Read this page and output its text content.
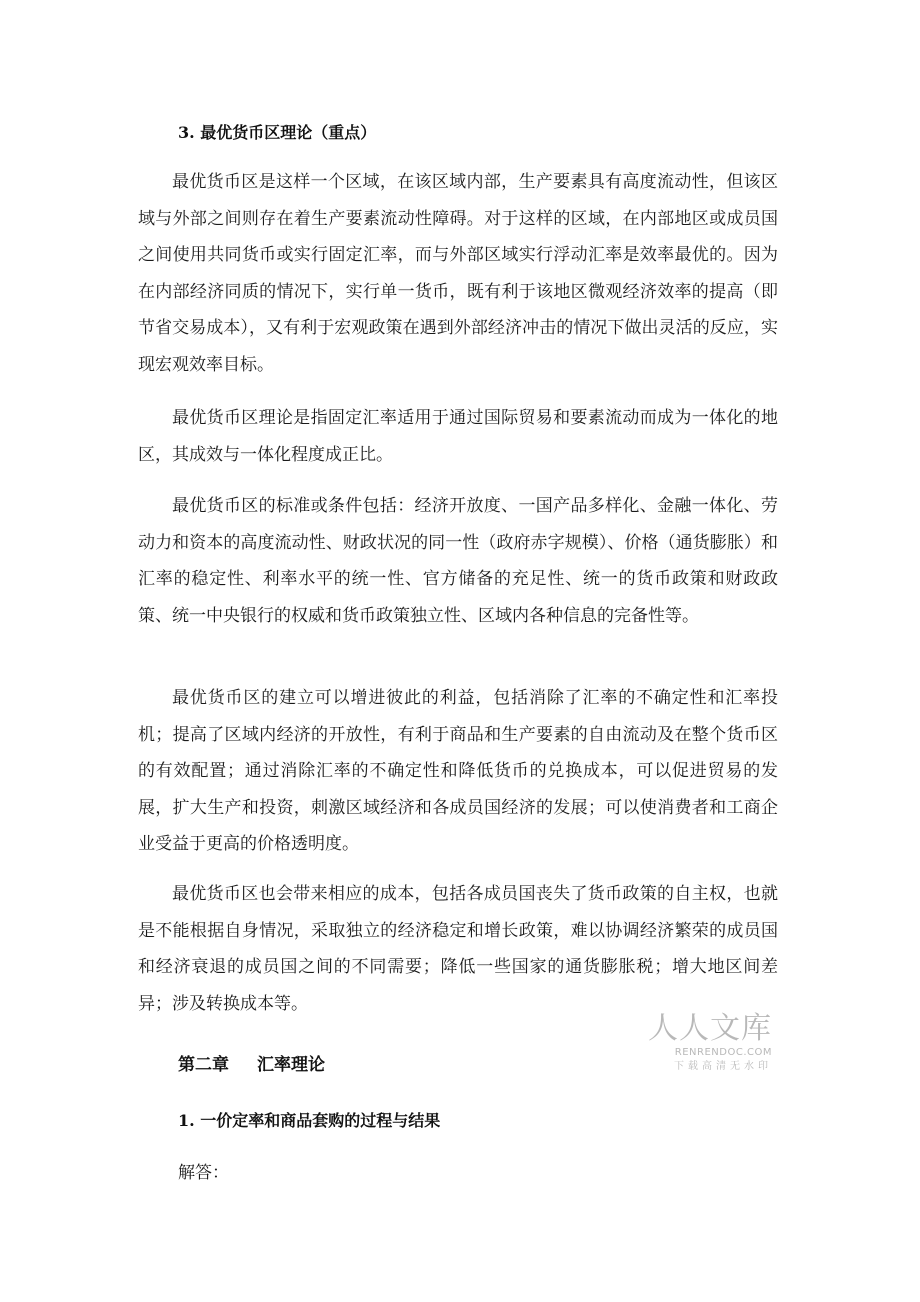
3. 最优货币区理论（重点）

最优货币区是这样一个区域，在该区域内部，生产要素具有高度流动性，但该区域与外部之间则存在着生产要素流动性障碍。对于这样的区域，在内部地区或成员国之间使用共同货币或实行固定汇率，而与外部区域实行浮动汇率是效率最优的。因为在内部经济同质的情况下，实行单一货币，既有利于该地区微观经济效率的提高（即节省交易成本），又有利于宏观政策在遇到外部经济冲击的情况下做出灵活的反应，实现宏观效率目标。

最优货币区理论是指固定汇率适用于通过国际贸易和要素流动而成为一体化的地区，其成效与一体化程度成正比。

最优货币区的标准或条件包括：经济开放度、一国产品多样化、金融一体化、劳动力和资本的高度流动性、财政状况的同一性（政府赤字规模）、价格（通货膨胀）和汇率的稳定性、利率水平的统一性、官方储备的充足性、统一的货币政策和财政政策、统一中央银行的权威和货币政策独立性、区域内各种信息的完备性等。

最优货币区的建立可以增进彼此的利益，包括消除了汇率的不确定性和汇率投机；提高了区域内经济的开放性，有利于商品和生产要素的自由流动及在整个货币区的有效配置；通过消除汇率的不确定性和降低货币的兑换成本，可以促进贸易的发展，扩大生产和投资，刺激区域经济和各成员国经济的发展；可以使消费者和工商企业受益于更高的价格透明度。

最优货币区也会带来相应的成本，包括各成员国丧失了货币政策的自主权，也就是不能根据自身情况，采取独立的经济稳定和增长政策，难以协调经济繁荣的成员国和经济衰退的成员国之间的不同需要；降低一些国家的通货膨胀税；增大地区间差异；涉及转换成本等。

第二章 汇率理论
1. 一价定率和商品套购的过程与结果
解答：
人人文库
RENRENDOC.COM
下载高清无水印
